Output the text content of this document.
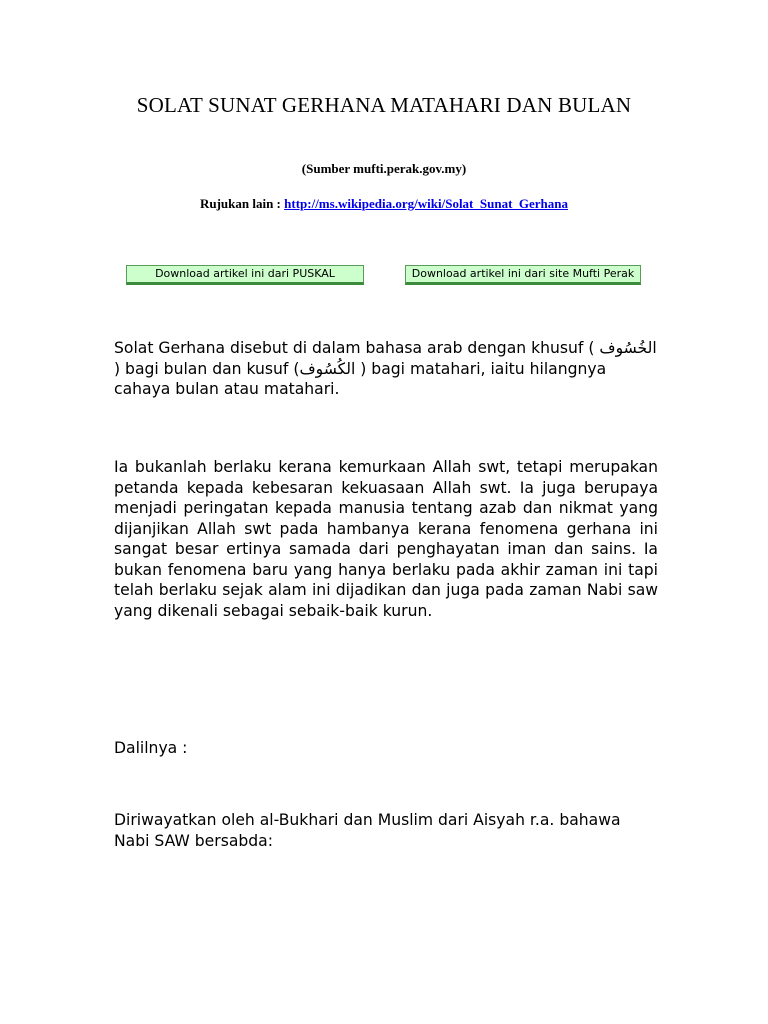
SOLAT SUNAT GERHANA MATAHARI DAN BULAN
(Sumber mufti.perak.gov.my)
Rujukan lain : http://ms.wikipedia.org/wiki/Solat_Sunat_Gerhana
Download artikel ini dari PUSKAL	Download artikel ini dari site Mufti Perak

Solat Gerhana disebut di dalam bahasa arab dengan khusuf ( الخُسُوف ) bagi bulan dan kusuf (الكُسُوف ) bagi matahari, iaitu hilangnya cahaya bulan atau matahari.

Ia bukanlah berlaku kerana kemurkaan Allah swt, tetapi merupakan petanda kepada kebesaran kekuasaan Allah swt. Ia juga berupaya menjadi peringatan kepada manusia tentang azab dan nikmat yang dijanjikan Allah swt pada hambanya kerana fenomena gerhana ini sangat besar ertinya samada dari penghayatan iman dan sains. Ia bukan fenomena baru yang hanya berlaku pada akhir zaman ini tapi telah berlaku sejak alam ini dijadikan dan juga pada zaman Nabi saw yang dikenali sebagai sebaik-baik kurun.

Dalilnya :

Diriwayatkan oleh al-Bukhari dan Muslim dari Aisyah r.a. bahawa Nabi SAW bersabda:
